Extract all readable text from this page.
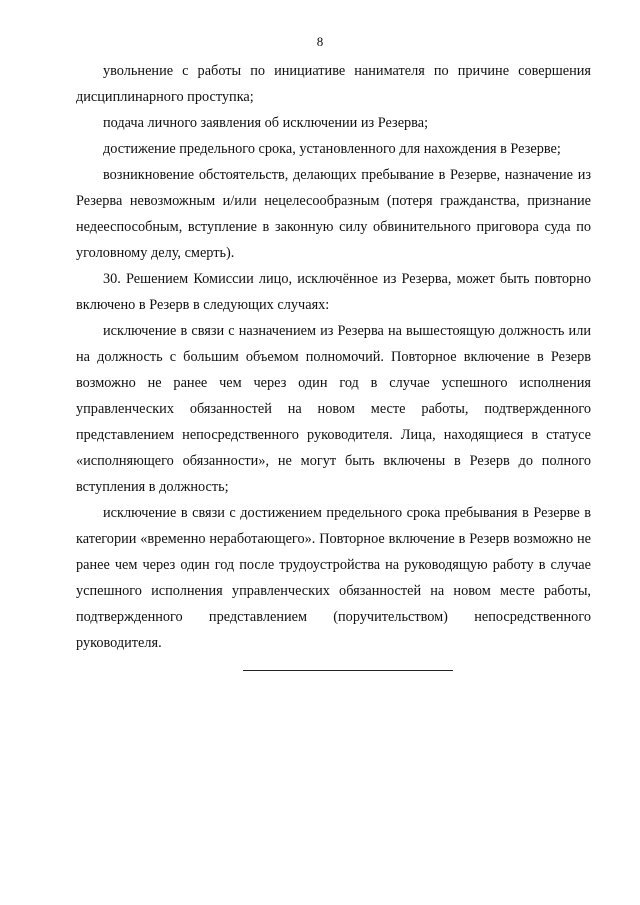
8

увольнение с работы по инициативе нанимателя по причине совершения дисциплинарного проступка;

подача личного заявления об исключении из Резерва;

достижение предельного срока, установленного для нахождения в Резерве;

возникновение обстоятельств, делающих пребывание в Резерве, назначение из Резерва невозможным и/или нецелесообразным (потеря гражданства, признание недееспособным, вступление в законную силу обвинительного приговора суда по уголовному делу, смерть).

30. Решением Комиссии лицо, исключённое из Резерва, может быть повторно включено в Резерв в следующих случаях:

исключение в связи с назначением из Резерва на вышестоящую должность или на должность с большим объемом полномочий. Повторное включение в Резерв возможно не ранее чем через один год в случае успешного исполнения управленческих обязанностей на новом месте работы, подтвержденного представлением непосредственного руководителя. Лица, находящиеся в статусе «исполняющего обязанности», не могут быть включены в Резерв до полного вступления в должность;

исключение в связи с достижением предельного срока пребывания в Резерве в категории «временно неработающего». Повторное включение в Резерв возможно не ранее чем через один год после трудоустройства на руководящую работу в случае успешного исполнения управленческих обязанностей на новом месте работы, подтвержденного представлением (поручительством) непосредственного руководителя.
